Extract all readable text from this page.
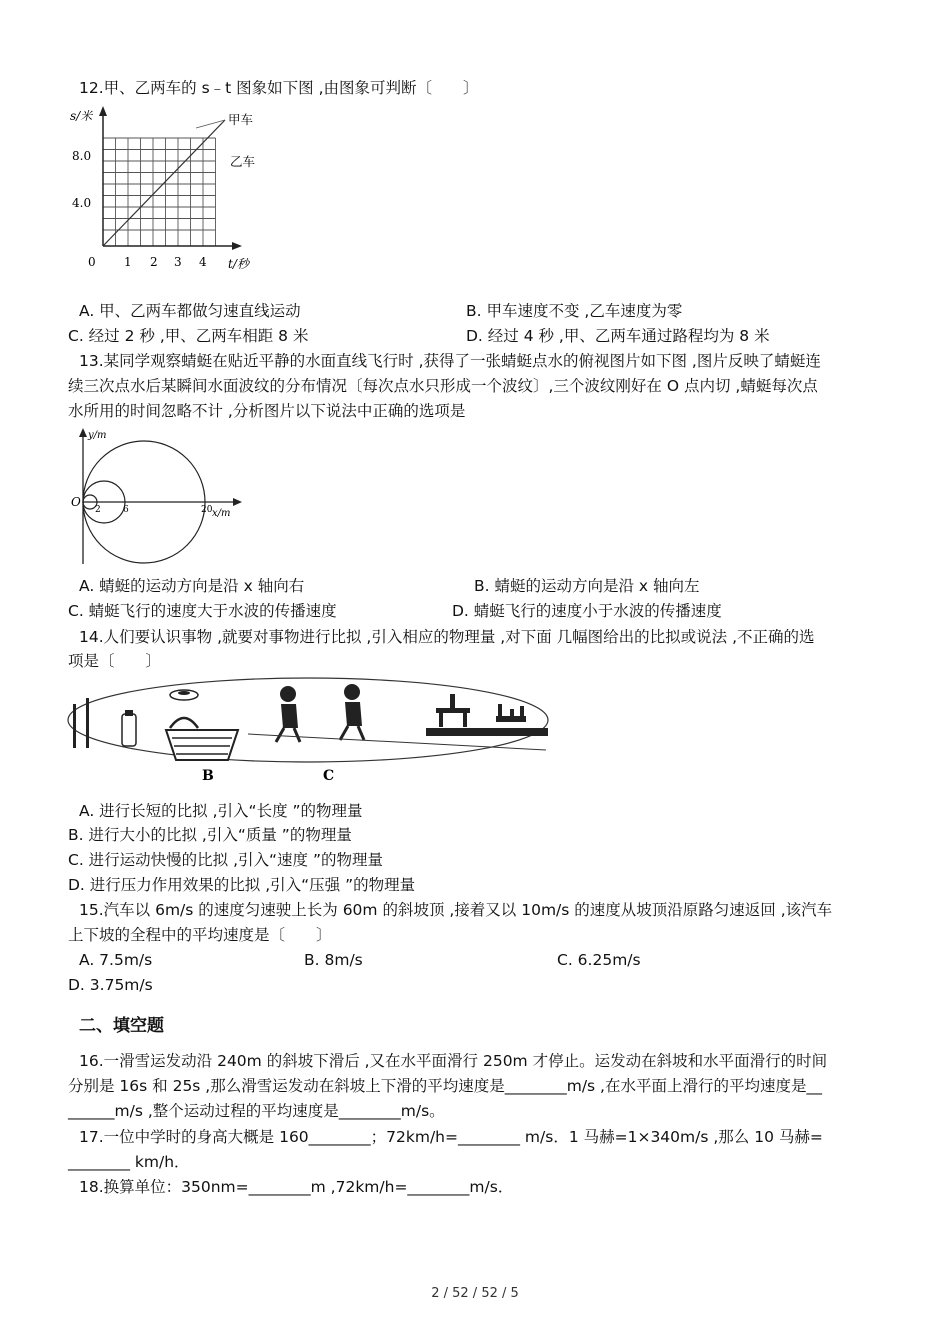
12.甲、乙两车的 s﹣t 图象如下图 ,由图象可判断〔　　〕
s/米
8.0
4.0
0 1 2 3 4 t/秒
甲车
乙车
A. 甲、乙两车都做匀速直线运动	B. 甲车速度不变 ,乙车速度为零
C. 经过 2 秒 ,甲、乙两车相距 8 米	D. 经过 4 秒 ,甲、乙两车通过路程均为 8 米
13.某同学观察蜻蜓在贴近平静的水面直线飞行时 ,获得了一张蜻蜓点水的俯视图片如下图 ,图片反映了蜻蜓连
续三次点水后某瞬间水面波纹的分布情况〔每次点水只形成一个波纹〕,三个波纹刚好在 O 点内切 ,蜻蜓每次点
水所用的时间忽略不计 ,分析图片以下说法中正确的选项是
y/m
O
2 6	20 x/m
A. 蜻蜓的运动方向是沿 x 轴向右	B. 蜻蜓的运动方向是沿 x 轴向左
C. 蜻蜓飞行的速度大于水波的传播速度	D. 蜻蜓飞行的速度小于水波的传播速度
14.人们要认识事物 ,就要对事物进行比拟 ,引入相应的物理量 ,对下面 几幅图给出的比拟或说法 ,不正确的选
项是〔　　〕
B	C
A. 进行长短的比拟 ,引入“长度 ”的物理量
B. 进行大小的比拟 ,引入“质量 ”的物理量
C. 进行运动快慢的比拟 ,引入“速度 ”的物理量
D. 进行压力作用效果的比拟 ,引入“压强 ”的物理量
15.汽车以 6m/s 的速度匀速驶上长为 60m 的斜坡顶 ,接着又以 10m/s 的速度从坡顶沿原路匀速返回 ,该汽车
上下坡的全程中的平均速度是〔　　〕
A. 7.5m/s	B. 8m/s	C. 6.25m/s
D. 3.75m/s
二、填空题
16.一滑雪运发动沿 240m 的斜坡下滑后 ,又在水平面滑行 250m 才停止。运发动在斜坡和水平面滑行的时间
分别是 16s 和 25s ,那么滑雪运发动在斜坡上下滑的平均速度是________m/s ,在水平面上滑行的平均速度是__
______m/s ,整个运动过程的平均速度是________m/s。
17.一位中学时的身高大概是 160________；72km/h=________ m/s．1 马赫=1×340m/s ,那么 10 马赫=
________ km/h．
18.换算单位：350nm=________m ,72km/h=________m/s．
2 / 52 / 52 / 5
